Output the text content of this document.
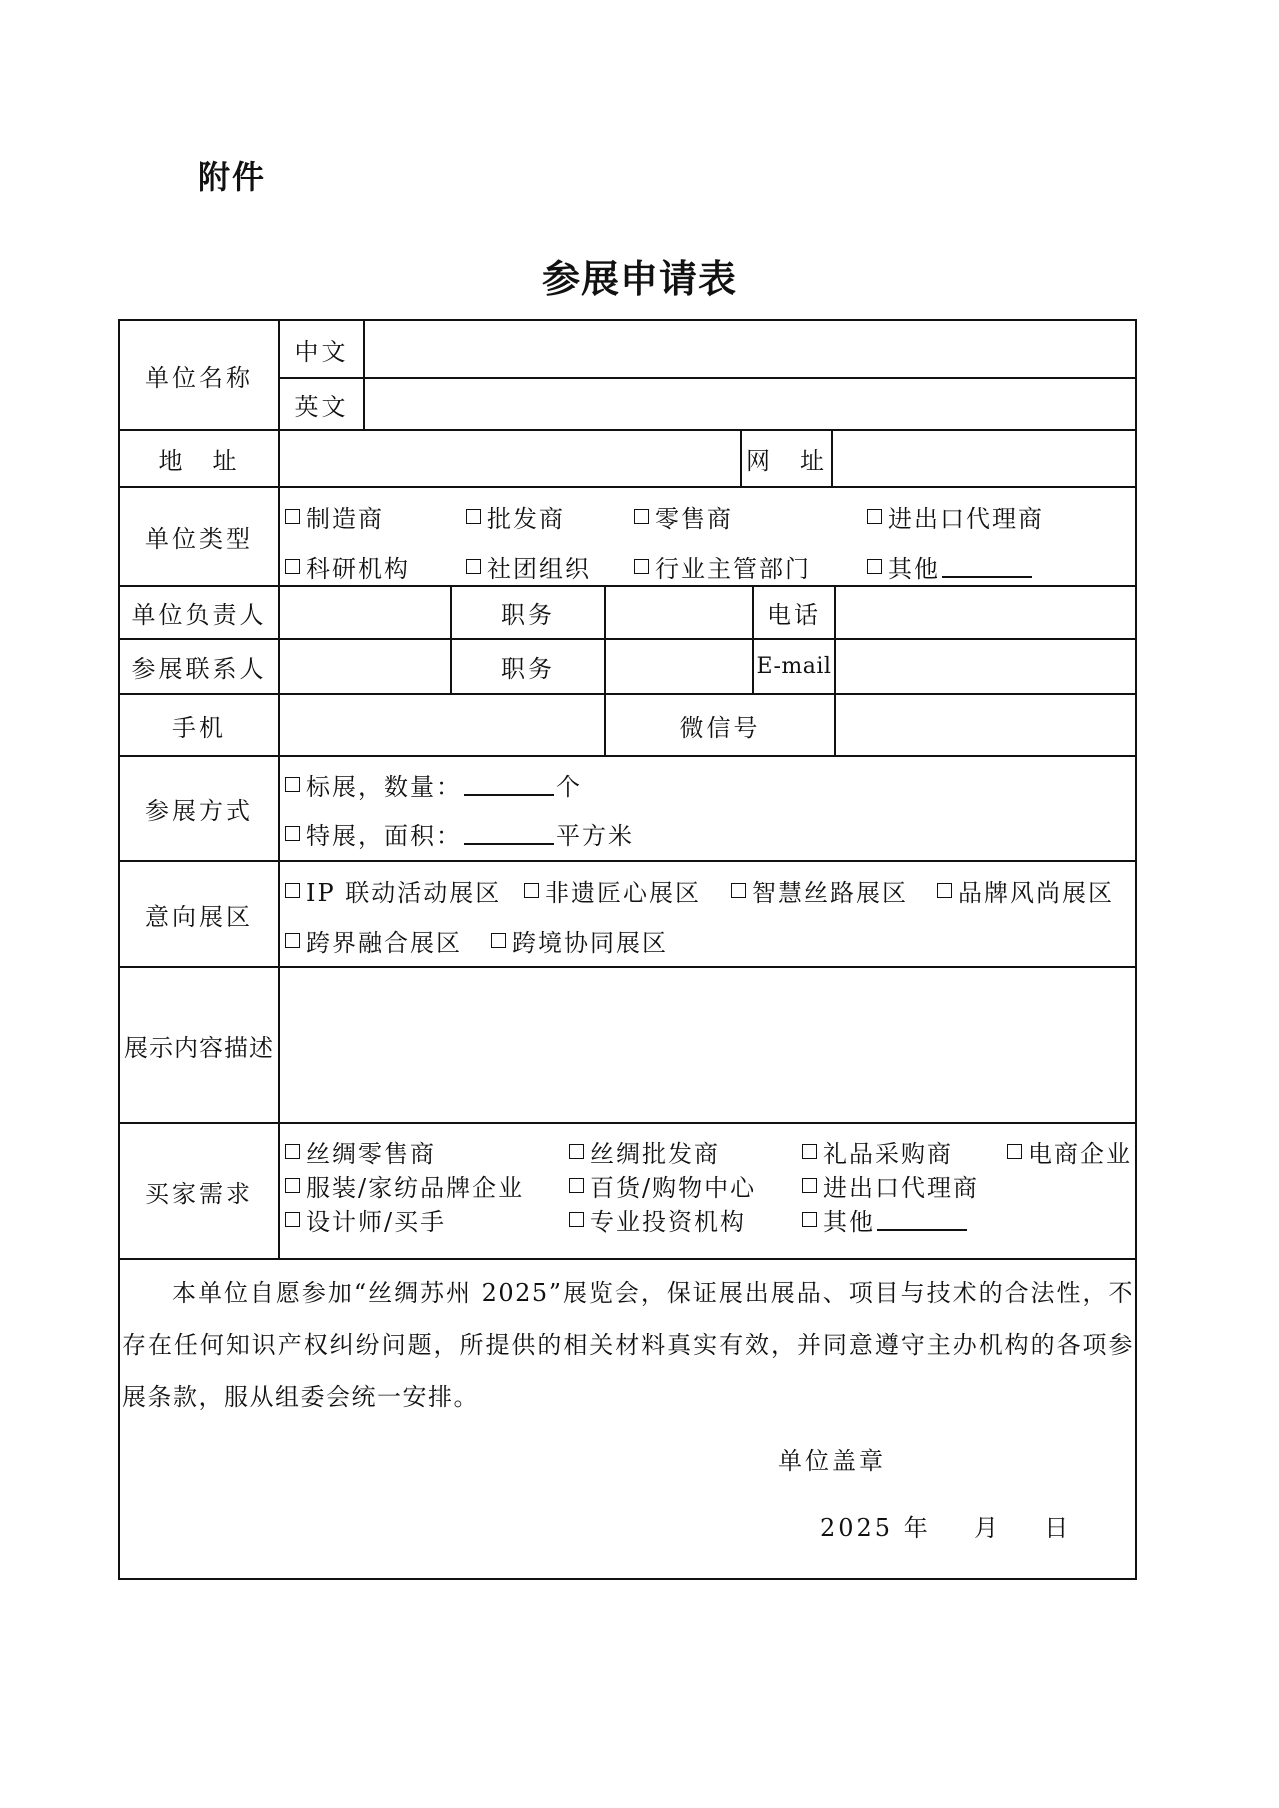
附件
参展申请表
单位名称
中文
英文
地　址	网　址
单位类型
制造商	批发商	零售商	进出口代理商
科研机构	社团组织	行业主管部门	其他
单位负责人	职务	电话
参展联系人	职务	E-mail
手机	微信号
参展方式
标展，数量：	个
特展，面积：	平方米
意向展区
IP 联动活动展区 非遗匠心展区 智慧丝路展区 品牌风尚展区
跨界融合展区 跨境协同展区
展示内容描述
买家需求
丝绸零售商	丝绸批发商	礼品采购商	电商企业
服装/家纺品牌企业	百货/购物中心	进出口代理商
设计师/买手	专业投资机构	其他
本单位自愿参加“丝绸苏州 2025”展览会，保证展出展品、项目与技术的合法性，不存在任何知识产权纠纷问题，所提供的相关材料真实有效，并同意遵守主办机构的各项参展条款，服从组委会统一安排。
单位盖章
2025 年 月 日
